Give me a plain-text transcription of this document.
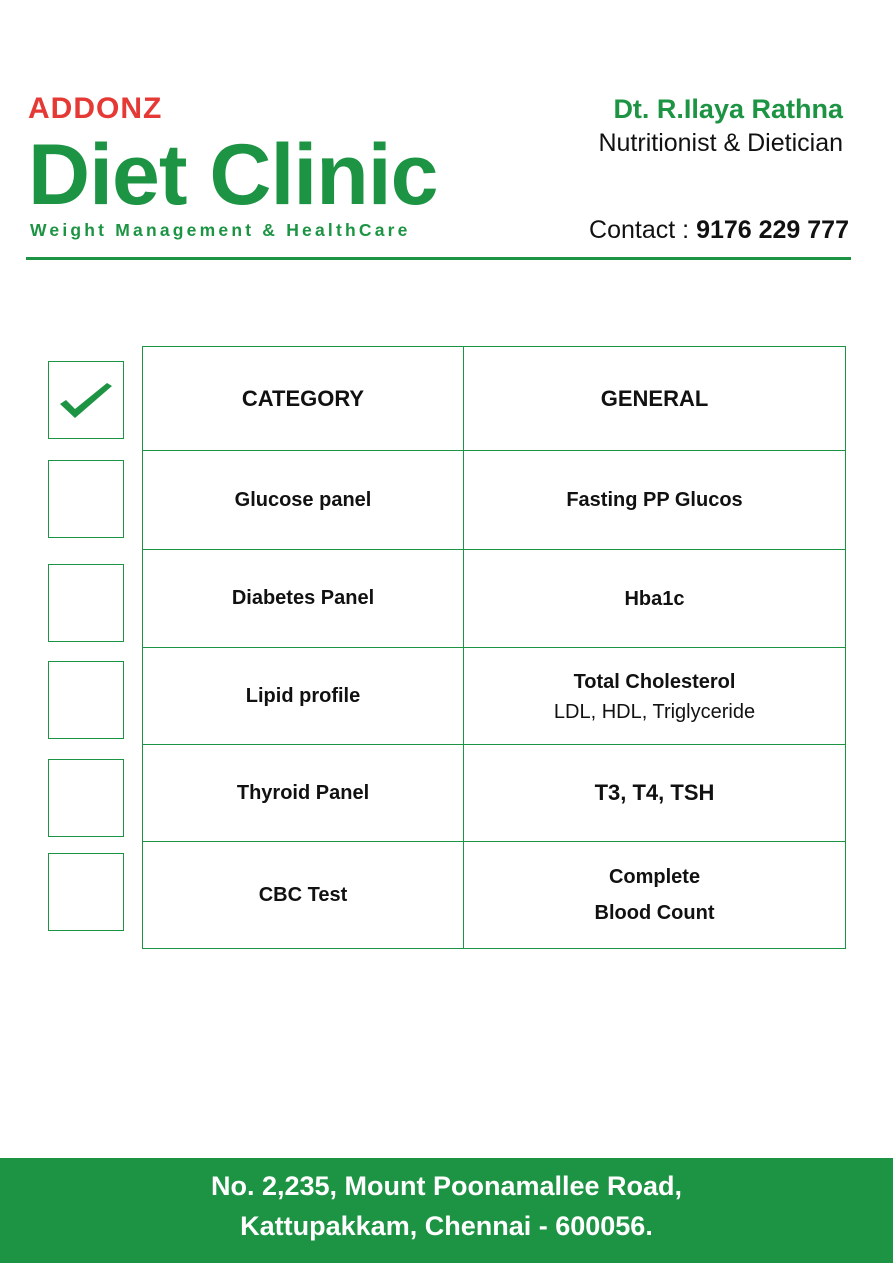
ADDONZ
Diet Clinic
Weight Management & HealthCare
Dt. R.Ilaya Rathna
Nutritionist & Dietician
Contact : 9176 229 777
CATEGORY	GENERAL
Glucose panel	Fasting PP Glucos
Diabetes Panel	Hba1c
Lipid profile	Total Cholesterol
LDL, HDL, Triglyceride

Thyroid Panel	T3, T4, TSH
CBC Test	Complete
Blood Count
No. 2,235, Mount Poonamallee Road,
Kattupakkam, Chennai - 600056.
